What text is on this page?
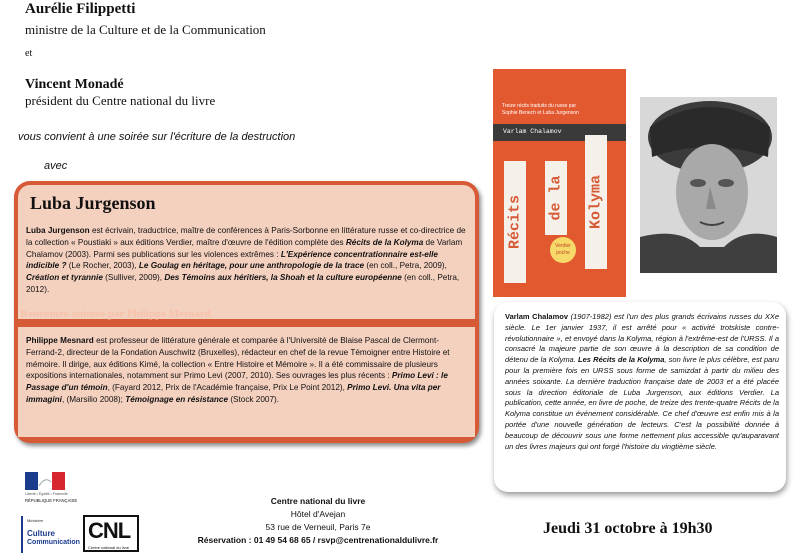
Aurélie Filippetti
ministre de la Culture et de la Communication
et
Vincent Monadé
président du Centre national du livre
vous convient à une soirée sur l'écriture de la destruction
avec
Luba Jurgenson
Luba Jurgenson est écrivain, traductrice, maître de conférences à Paris-Sorbonne en littérature russe et co-directrice de la collection « Poustiaki » aux éditions Verdier, maître d'œuvre de l'édition complète des Récits de la Kolyma de Varlam Chalamov (2003). Parmi ses publications sur les violences extrêmes : L'Expérience concentrationnaire est-elle indicible ? (Le Rocher, 2003), Le Goulag en héritage, pour une anthropologie de la trace (en coll., Petra, 2009), Création et tyrannie (Sulliver, 2009), Des Témoins aux héritiers, la Shoah et la culture européenne (en coll., Petra, 2012).
Rencontre animée par Philippe Mesnard
Philippe Mesnard est professeur de littérature générale et comparée à l'Université de Blaise Pascal de Clermont-Ferrand-2, directeur de la Fondation Auschwitz (Bruxelles), rédacteur en chef de la revue Témoigner entre Histoire et mémoire. Il dirige, aux éditions Kimé, la collection « Entre Histoire et Mémoire ». Il a été commissaire de plusieurs expositions internationales, notamment sur Primo Levi (2007, 2010). Ses ouvrages les plus récents : Primo Levi : le Passage d'un témoin, (Fayard 2012, Prix de l'Académie française, Prix Le Point 2012), Primo Levi. Una vita per immagini, (Marsilio 2008); Témoignage en résistance (Stock 2007).
Treize récits traduits du russe par Sophie Benech et Luba Jurgenson
Varlam Chalamov
Récits de la Kolyma
Verdier poche
Varlam Chalamov (1907-1982) est l'un des plus grands écrivains russes du XXe siècle. Le 1er janvier 1937, il est arrêté pour « activité trotskiste contre-révolutionnaire », et envoyé dans la Kolyma, région à l'extrême-est de l'URSS. Il a consacré la majeure partie de son œuvre à la description de sa condition de détenu de la Kolyma. Les Récits de la Kolyma, son livre le plus célèbre, est paru pour la première fois en URSS sous forme de samizdat à partir du milieu des années soixante. La dernière traduction française date de 2003 et a été placée sous la direction éditoriale de Luba Jurgenson, aux éditions Verdier. La publication, cette année, en livre de poche, de treize des trente-quatre Récits de la Kolyma constitue un événement considérable. Ce chef d'œuvre est enfin mis à la portée d'une nouvelle génération de lecteurs. C'est la possibilité donnée à beaucoup de découvrir sous une forme nettement plus accessible qu'auparavant un des livres majeurs qui ont forgé l'histoire du vingtième siècle.
Liberté • Égalité • Fraternité
RÉPUBLIQUE FRANÇAISE
Ministère
Culture
Communication CNL
Centre national du livre
Centre national du livre
Hôtel d'Avejan
53 rue de Verneuil, Paris 7e
Réservation : 01 49 54 68 65 / rsvp@centrenationaldulivre.fr
Jeudi 31 octobre à 19h30
